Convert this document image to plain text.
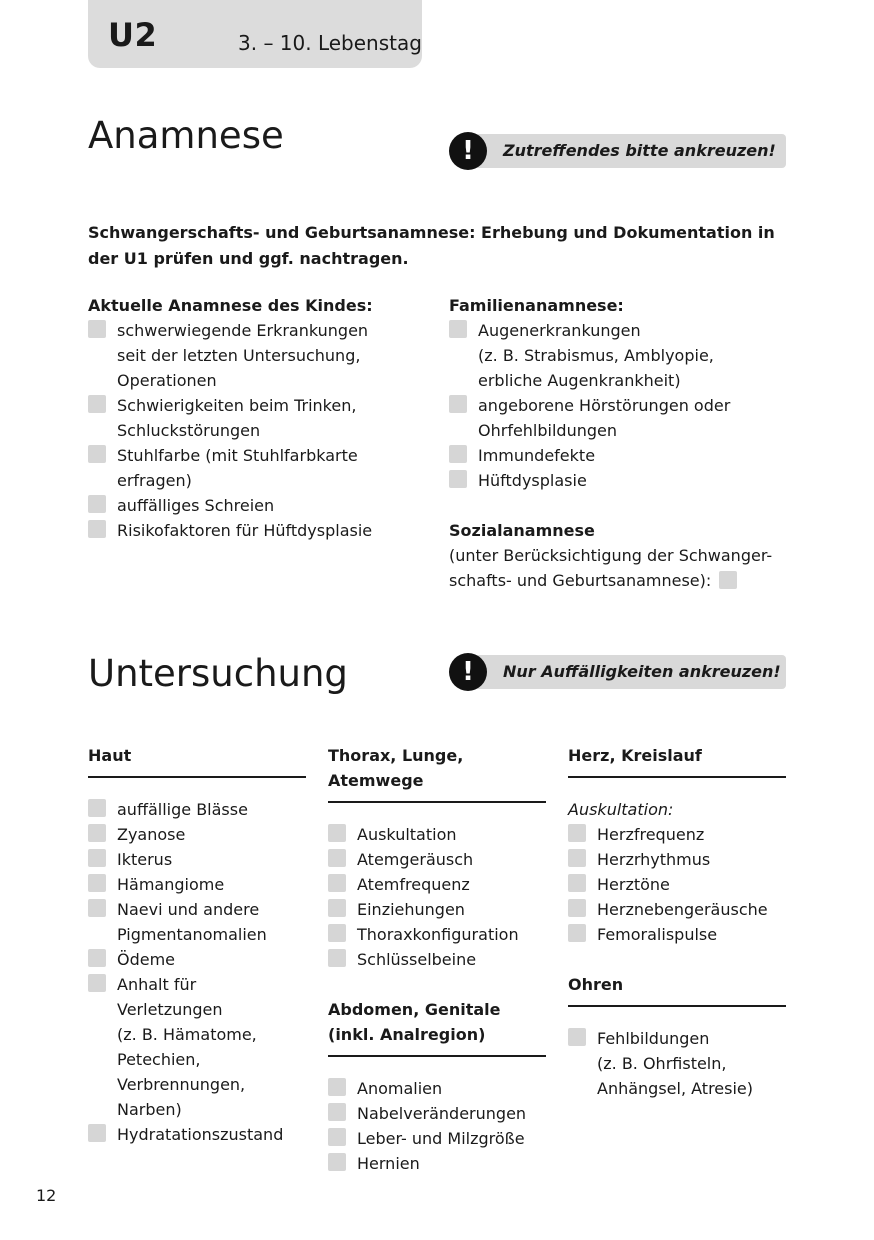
U2	3. – 10. Lebenstag
Anamnese	!	Zutreffendes bitte ankreuzen!
Schwangerschafts- und Geburtsanamnese: Erhebung und Dokumentation in der U1 prüfen und ggf. nachtragen.
Aktuelle Anamnese des Kindes:
schwerwiegende Erkrankungen
seit der letzten Untersuchung,
Operationen
Schwierigkeiten beim Trinken,
Schluckstörungen
Stuhlfarbe (mit Stuhlfarbkarte
erfragen)
auffälliges Schreien
Risikofaktoren für Hüftdysplasie
Familienanamnese:
Augenerkrankungen
(z. B. Strabismus, Amblyopie,
erbliche Augenkrankheit)
angeborene Hörstörungen oder
Ohrfehlbildungen
Immundefekte
Hüftdysplasie
Sozialanamnese
(unter Berücksichtigung der Schwanger-
schafts- und Geburtsanamnese):
Untersuchung	!	Nur Auffälligkeiten ankreuzen!
Haut
auffällige Blässe
Zyanose
Ikterus
Hämangiome
Naevi und andere
Pigmentanomalien
Ödeme
Anhalt für Verletzungen
(z. B. Hämatome,
Petechien,
Verbrennungen, Narben)
Hydratationszustand
Thorax, Lunge, Atemwege
Auskultation
Atemgeräusch
Atemfrequenz
Einziehungen
Thoraxkonfiguration
Schlüsselbeine
Abdomen, Genitale
(inkl. Analregion)
Anomalien
Nabelveränderungen
Leber- und Milzgröße
Hernien
Herz, Kreislauf
Auskultation:
Herzfrequenz
Herzrhythmus
Herztöne
Herznebengeräusche
Femoralispulse
Ohren
Fehlbildungen
(z. B. Ohrfisteln,
Anhängsel, Atresie)
12
